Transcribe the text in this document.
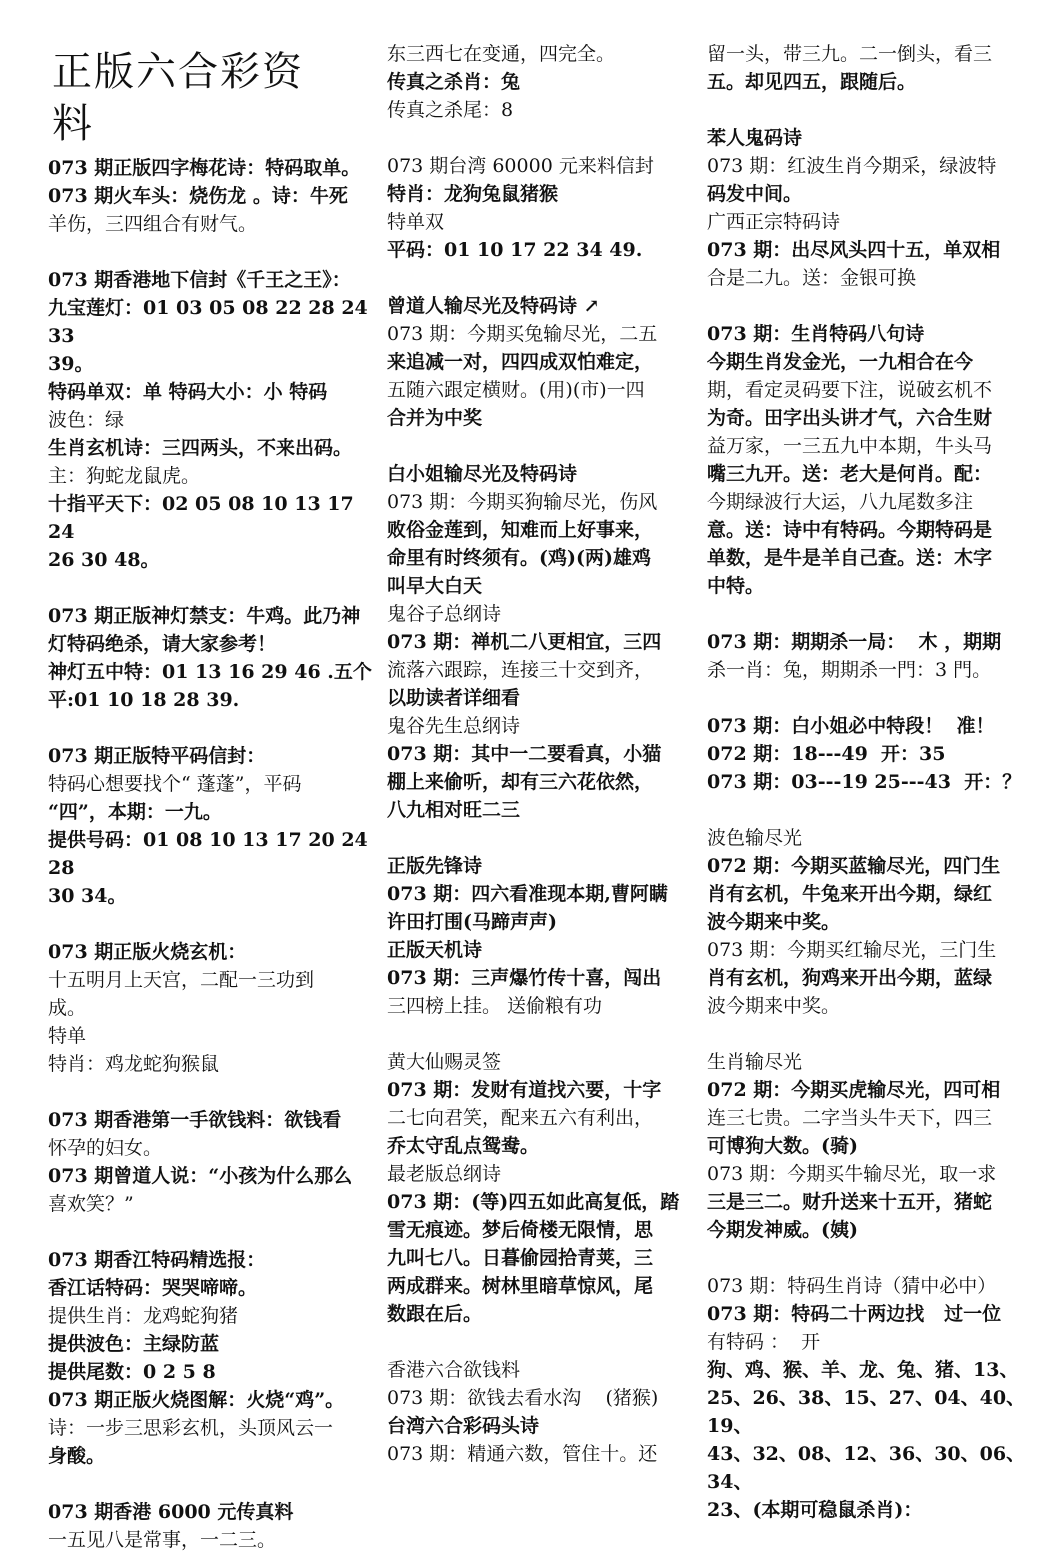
正版六合彩资
料
073 期正版四字梅花诗：特码取单。
073 期火车头：烧伤龙 。诗：牛死
羊伤，三四组合有财气。
073 期香港地下信封《千王之王》：
九宝莲灯：01 03 05 08 22 28 24 33
39。
特码单双：单 特码大小：小 特码
波色：绿
生肖玄机诗：三四两头，不来出码。
主：狗蛇龙鼠虎。
十指平天下：02 05 08 10 13 17 24
26 30 48。
073 期正版神灯禁支：牛鸡。此乃神
灯特码绝杀，请大家参考！
神灯五中特：01 13 16 29 46 .五个
平:01 10 18 28 39.
073 期正版特平码信封：
特码心想要找个“ 蓬蓬”，平码
“四”，本期：一九。
提供号码：01 08 10 13 17 20 24 28
30 34。
073 期正版火烧玄机：
十五明月上天宫，二配一三功到
成。
特单
特肖：鸡龙蛇狗猴鼠
073 期香港第一手欲钱料：欲钱看
怀孕的妇女。
073 期曾道人说：“小孩为什么那么
喜欢笑？”
073 期香江特码精选报：
香江话特码：哭哭啼啼。
提供生肖：龙鸡蛇狗猪
提供波色：主绿防蓝
提供尾数：0 2 5 8
073 期正版火烧图解：火烧“鸡”。
诗：一步三思彩玄机，头顶风云一
身酸。
073 期香港 6000 元传真料
一五见八是常事，一二三。
东三西七在变通，四完全。
传真之杀肖：兔
传真之杀尾：8
073 期台湾 60000 元来料信封
特肖：龙狗兔鼠猪猴
特单双
平码：01 10 17 22 34 49.
曾道人输尽光及特码诗 ↗
073 期：今期买兔输尽光，二五
来追减一对，四四成双怕难定，
五随六跟定横财。(用)(市)一四
合并为中奖
白小姐输尽光及特码诗
073 期：今期买狗输尽光，伤风
败俗金莲到，知难而上好事来，
命里有时终须有。(鸡)(两)雄鸡
叫早大白天
鬼谷子总纲诗
073 期：禅机二八更相宜，三四
流落六跟踪，连接三十交到齐，
以助读者详细看
鬼谷先生总纲诗
073 期：其中一二要看真，小猫
棚上来偷听，却有三六花依然，
八九相对旺二三
正版先锋诗
073 期：四六看准现本期,曹阿瞒
许田打围(马蹄声声)
正版天机诗
073 期：三声爆竹传十喜，闯出
三四榜上挂。 送偷粮有功
黄大仙赐灵签
073 期：发财有道找六要，十字
二七向君笑，配来五六有利出，
乔太守乱点鸳鸯。
最老版总纲诗
073 期：(等)四五如此高复低，踏
雪无痕迹。梦后倚楼无限情，思
九叫七八。日暮偷园拾青荚，三
两成群来。树林里暗草惊风，尾
数跟在后。
香港六合欲钱料
073 期：欲钱去看水沟    (猪猴)
台湾六合彩码头诗
073 期：精通六数，管住十。还
留一头，带三九。二一倒头，看三
五。却见四五，跟随后。
苯人鬼码诗
073 期：红波生肖今期采，绿波特
码发中间。
广西正宗特码诗
073 期：出尽风头四十五，单双相
合是二九。送：金银可换
073 期：生肖特码八句诗
今期生肖发金光，一九相合在今
期，看定灵码要下注，说破玄机不
为奇。田字出头讲才气，六合生财
益万家，一三五九中本期，牛头马
嘴三九开。送：老大是何肖。配：
今期绿波行大运，八九尾数多注
意。送：诗中有特码。今期特码是
单数，是牛是羊自己查。送：木字
中特。
073 期：期期杀一局：  木 ，期期
杀一肖：兔，期期杀一門：3 門。
073 期：白小姐必中特段！  准！
072 期：18---49  开：35
073 期：03---19 25---43  开：？
波色输尽光
072 期：今期买蓝输尽光，四门生
肖有玄机，牛兔来开出今期，绿红
波今期来中奖。
073 期：今期买红输尽光，三门生
肖有玄机，狗鸡来开出今期，蓝绿
波今期来中奖。
生肖输尽光
072 期：今期买虎输尽光，四可相
连三七贵。二字当头牛天下，四三
可博狗大数。(骑)
073 期：今期买牛输尽光，取一求
三是三二。财升送来十五开，猪蛇
今期发神威。(姨)
073 期：特码生肖诗（猜中必中）
073 期：特码二十两边找   过一位
有特码 ：  开
狗、鸡、猴、羊、龙、兔、猪、13、
25、26、38、15、27、04、40、19、
43、32、08、12、36、30、06、34、
23、(本期可稳鼠杀肖)：
